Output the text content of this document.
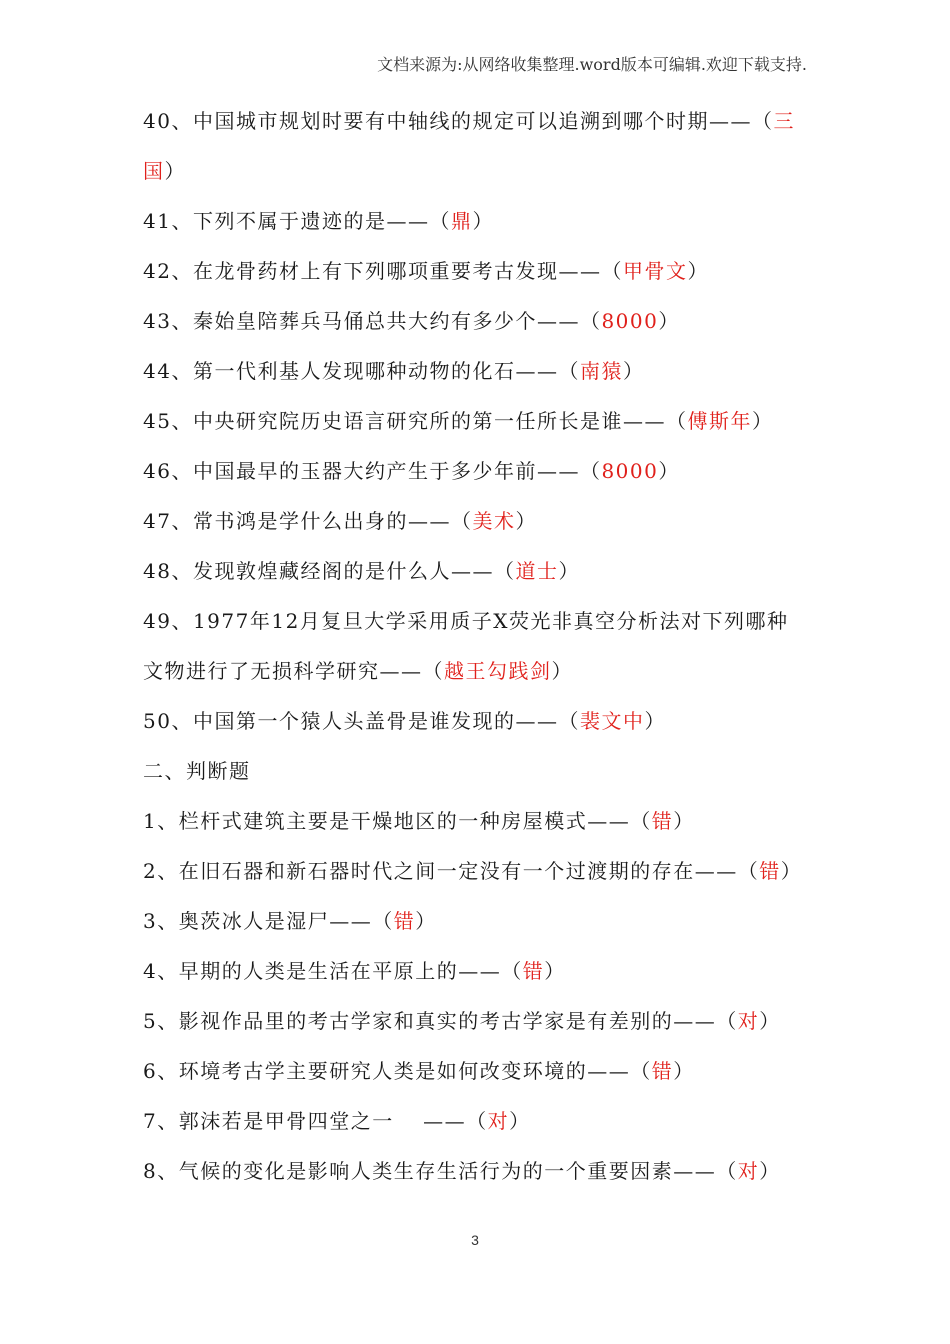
文档来源为:从网络收集整理.word版本可编辑.欢迎下载支持.
40、中国城市规划时要有中轴线的规定可以追溯到哪个时期——（三
国）
41、下列不属于遗迹的是——（鼎）
42、在龙骨药材上有下列哪项重要考古发现——（甲骨文）
43、秦始皇陪葬兵马俑总共大约有多少个——（8000）
44、第一代利基人发现哪种动物的化石——（南猿）
45、中央研究院历史语言研究所的第一任所长是谁——（傅斯年）
46、中国最早的玉器大约产生于多少年前——（8000）
47、常书鸿是学什么出身的——（美术）
48、发现敦煌藏经阁的是什么人——（道士）
49、1977年12月复旦大学采用质子X荧光非真空分析法对下列哪种
文物进行了无损科学研究——（越王勾践剑）
50、中国第一个猿人头盖骨是谁发现的——（裴文中）
二、判断题
1、栏杆式建筑主要是干燥地区的一种房屋模式——（错）
2、在旧石器和新石器时代之间一定没有一个过渡期的存在——（错）
3、奥茨冰人是湿尸——（错）
4、早期的人类是生活在平原上的——（错）
5、影视作品里的考古学家和真实的考古学家是有差别的——（对）
6、环境考古学主要研究人类是如何改变环境的——（错）
7、郭沫若是甲骨四堂之一　 ——（对）
8、气候的变化是影响人类生存生活行为的一个重要因素——（对）
3
